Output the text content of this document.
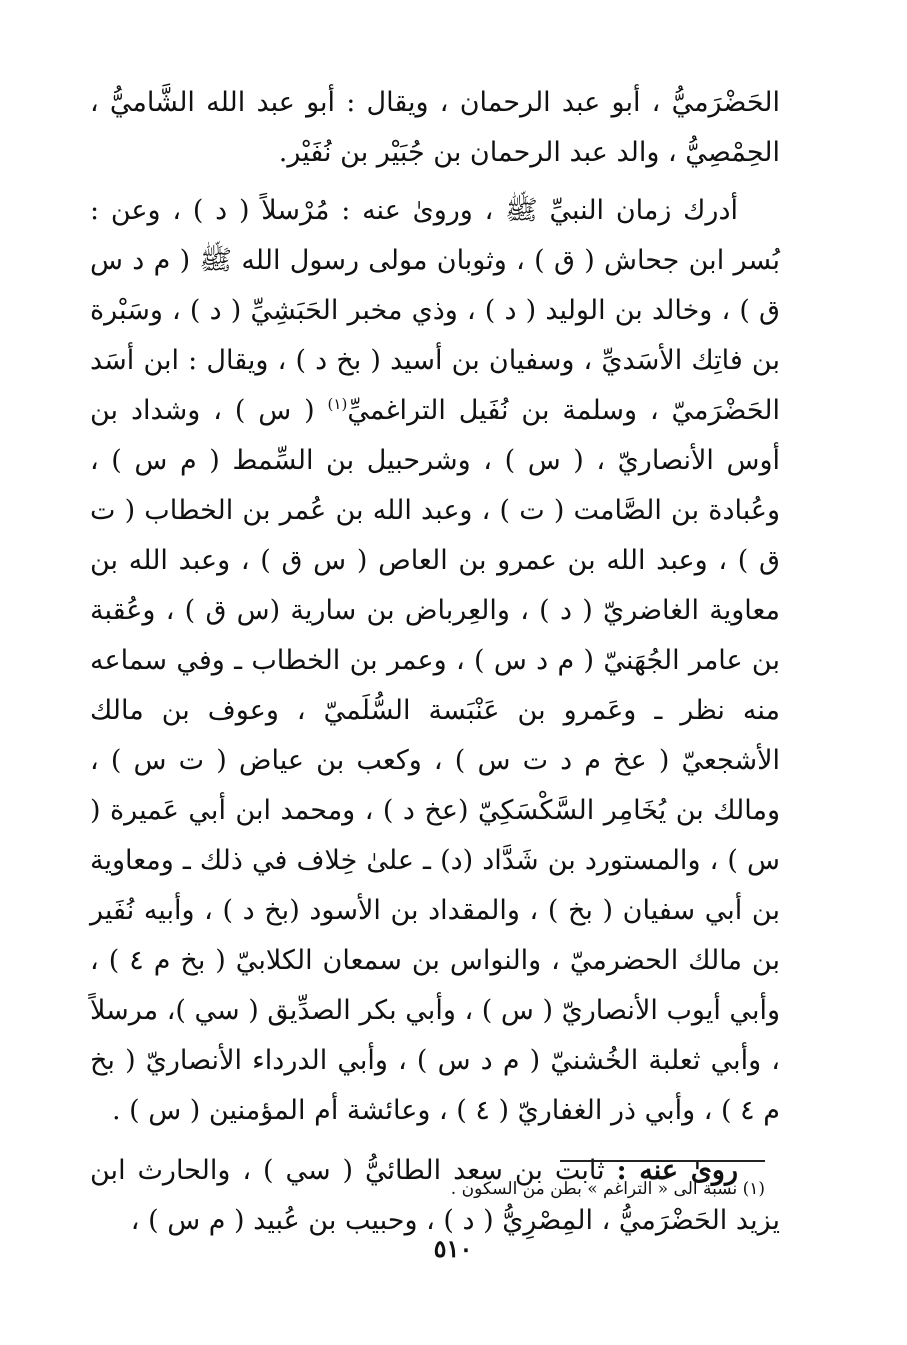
الحَضْرَميُّ ، أبو عبد الرحمان ، ويقال : أبو عبد الله الشَّاميُّ ، الحِمْصِيُّ ، والد عبد الرحمان بن جُبَيْر بن نُفَيْر.

أدرك زمان النبيِّ ﷺ ، وروىٰ عنه : مُرْسلاً ( د ) ، وعن : بُسر ابن جحاش ( ق ) ، وثوبان مولى رسول الله ﷺ ( م د س ق ) ، وخالد بن الوليد ( د ) ، وذي مخبر الحَبَشِيِّ ( د ) ، وسَبْرة بن فاتِك الأسَديِّ ، وسفيان بن أسيد ( بخ د ) ، ويقال : ابن أسَد الحَضْرَميّ ، وسلمة بن نُفَيل التراغميِّ$^{(١)}$ ( س ) ، وشداد بن أوس الأنصاريّ ، ( س ) ، وشرحبيل بن السِّمط ( م س ) ، وعُبادة بن الصَّامت ( ت ) ، وعبد الله بن عُمر بن الخطاب ( ت ق ) ، وعبد الله بن عمرو بن العاص ( س ق ) ، وعبد الله بن معاوية الغاضريّ ( د ) ، والعِرباض بن سارية (س ق ) ، وعُقبة بن عامر الجُهَنيّ ( م د س ) ، وعمر بن الخطاب ـ وفي سماعه منه نظر ـ وعَمرو بن عَنْبَسة السُّلَميّ ، وعوف بن مالك الأشجعيّ ( عخ م د ت س ) ، وكعب بن عياض ( ت س ) ، ومالك بن يُخَامِر السَّكْسَكِيّ (عخ د ) ، ومحمد ابن أبي عَميرة ( س ) ، والمستورد بن شَدَّاد (د) ـ علىٰ خِلاف في ذلك ـ ومعاوية بن أبي سفيان ( بخ ) ، والمقداد بن الأسود (بخ د ) ، وأبيه نُفَير بن مالك الحضرميّ ، والنواس بن سمعان الكلابيّ ( بخ م ٤ ) ، وأبي أيوب الأنصاريّ ( س ) ، وأبي بكر الصدِّيق ( سي )، مرسلاً ، وأبي ثعلبة الخُشنيّ ( م د س ) ، وأبي الدرداء الأنصاريّ ( بخ م ٤ ) ، وأبي ذر الغفاريّ ( ٤ ) ، وعائشة أم المؤمنين ( س ) .

روىٰ عنه : ثابت بن سعد الطائيُّ ( سي ) ، والحارث ابن يزيد الحَضْرَميُّ ، المِصْرِيُّ ( د ) ، وحبيب بن عُبيد ( م س ) ،

(١) نسبة الى « التراغم » بطن من السكون .
٥١٠
